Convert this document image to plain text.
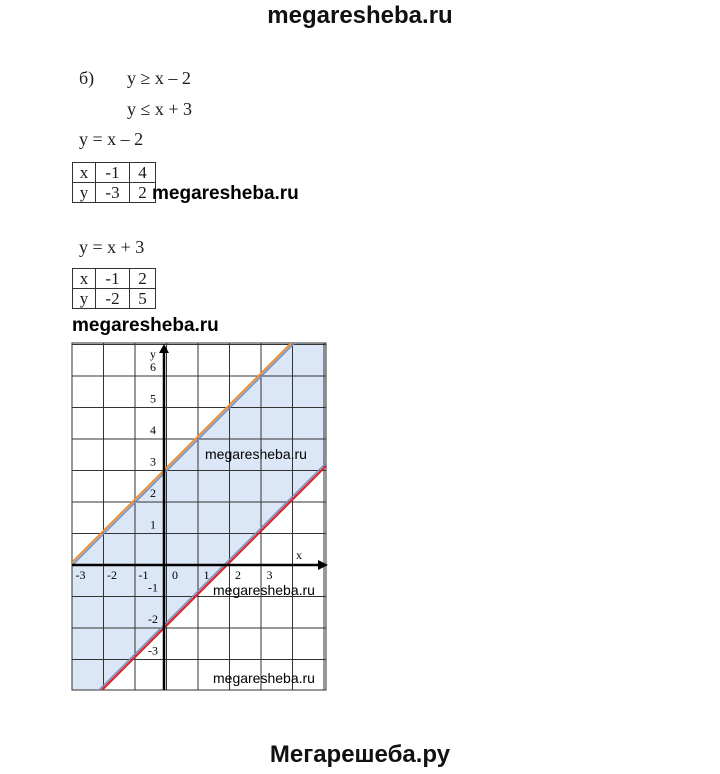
megaresheba.ru
б) y ≥ x – 2
y ≤ x + 3
y = x – 2
x	-1	4
y	-3	2 megaresheba.ru
y = x + 3
x	-1	2
y	-2	5
megaresheba.ru
-3 -2 -1 0 1 2 3
-3
-2
-1
1
2
3
4
5
6
x
y
megaresheba.ru
megaresheba.ru
megaresheba.ru
Мегарешеба.ру
